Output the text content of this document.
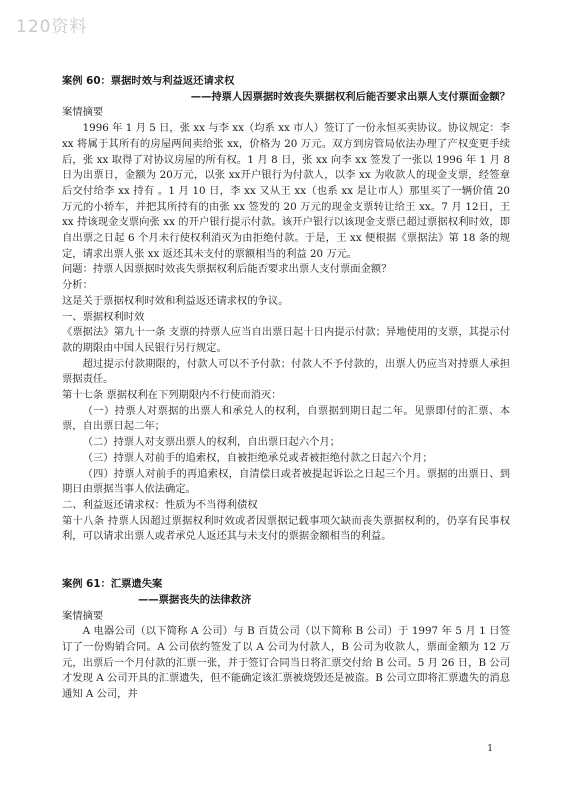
120资料

案例 60：票据时效与利益返还请求权

——持票人因票据时效丧失票据权利后能否要求出票人支付票面金额？

案情摘要

1996 年 1 月 5 日，张 xx 与李 xx（均系 xx 市人）签订了一份永恒买卖协议。协议规定：李 xx 将属于其所有的房屋两间卖给张 xx，价格为 20 万元。双方到房管局依法办理了产权变更手续后，张 xx 取得了对协议房屋的所有权。1 月 8 日，张 xx 向李 xx 签发了一张以 1996 年 1 月 8 日为出票日，金额为 20万元，以张 xx开户银行为付款人，以李 xx 为收款人的现金支票，经签章后交付给李 xx 持有 。1 月 10 日，李 xx 又从王 xx（也系 xx 是让市人）那里买了一辆价值 20 万元的小轿车，并把其所持有的由张 xx 签发的 20 万元的现金支票转让给王 xx。7 月 12日，王 xx 持该现金支票向张 xx 的开户银行提示付款。该开户银行以该现金支票已超过票据权利时效，即自出票之日起 6 个月未行使权利消灭为由拒绝付款。于是，王 xx 便根据《票据法》第 18 条的规定，请求出票人张 xx 返还其未支付的票额相当的利益 20 万元。

问题：持票人因票据时效丧失票据权利后能否要求出票人支付票面金额？

分析：

这是关于票据权利时效和利益返还请求权的争议。

一、票据权利时效

《票据法》第九十一条 支票的持票人应当自出票日起十日内提示付款；异地使用的支票，其提示付款的期限由中国人民银行另行规定。

超过提示付款期限的，付款人可以不予付款；付款人不予付款的，出票人仍应当对持票人承担票据责任。

第十七条 票据权利在下列期限内不行使而消灭：

（一）持票人对票据的出票人和承兑人的权利，自票据到期日起二年。见票即付的汇票、本票，自出票日起二年；

（二）持票人对支票出票人的权利，自出票日起六个月；

（三）持票人对前手的追索权，自被拒绝承兑或者被拒绝付款之日起六个月；

（四）持票人对前手的再追索权，自清偿日或者被提起诉讼之日起三个月。票据的出票日、到期日由票据当事人依法确定。

二、利益返还请求权：性质为不当得利债权

第十八条 持票人因超过票据权利时效或者因票据记载事项欠缺而丧失票据权利的，仍享有民事权利，可以请求出票人或者承兑人返还其与未支付的票据金额相当的利益。

案例 61：汇票遗失案

——票据丧失的法律救济

案情摘要

A 电器公司（以下简称 A 公司）与 B 百货公司（以下简称 B 公司）于 1997 年 5 月 1 日签订了一份购销合同。A 公司依约签发了以 A 公司为付款人，B 公司为收款人，票面金额为 12 万元，出票后一个月付款的汇票一张，并于签订合同当日将汇票交付给 B 公司。5 月 26 日，B 公司才发现 A 公司开具的汇票遗失，但不能确定该汇票被烧毁还是被盗。B 公司立即将汇票遗失的消息通知 A 公司，并

1
